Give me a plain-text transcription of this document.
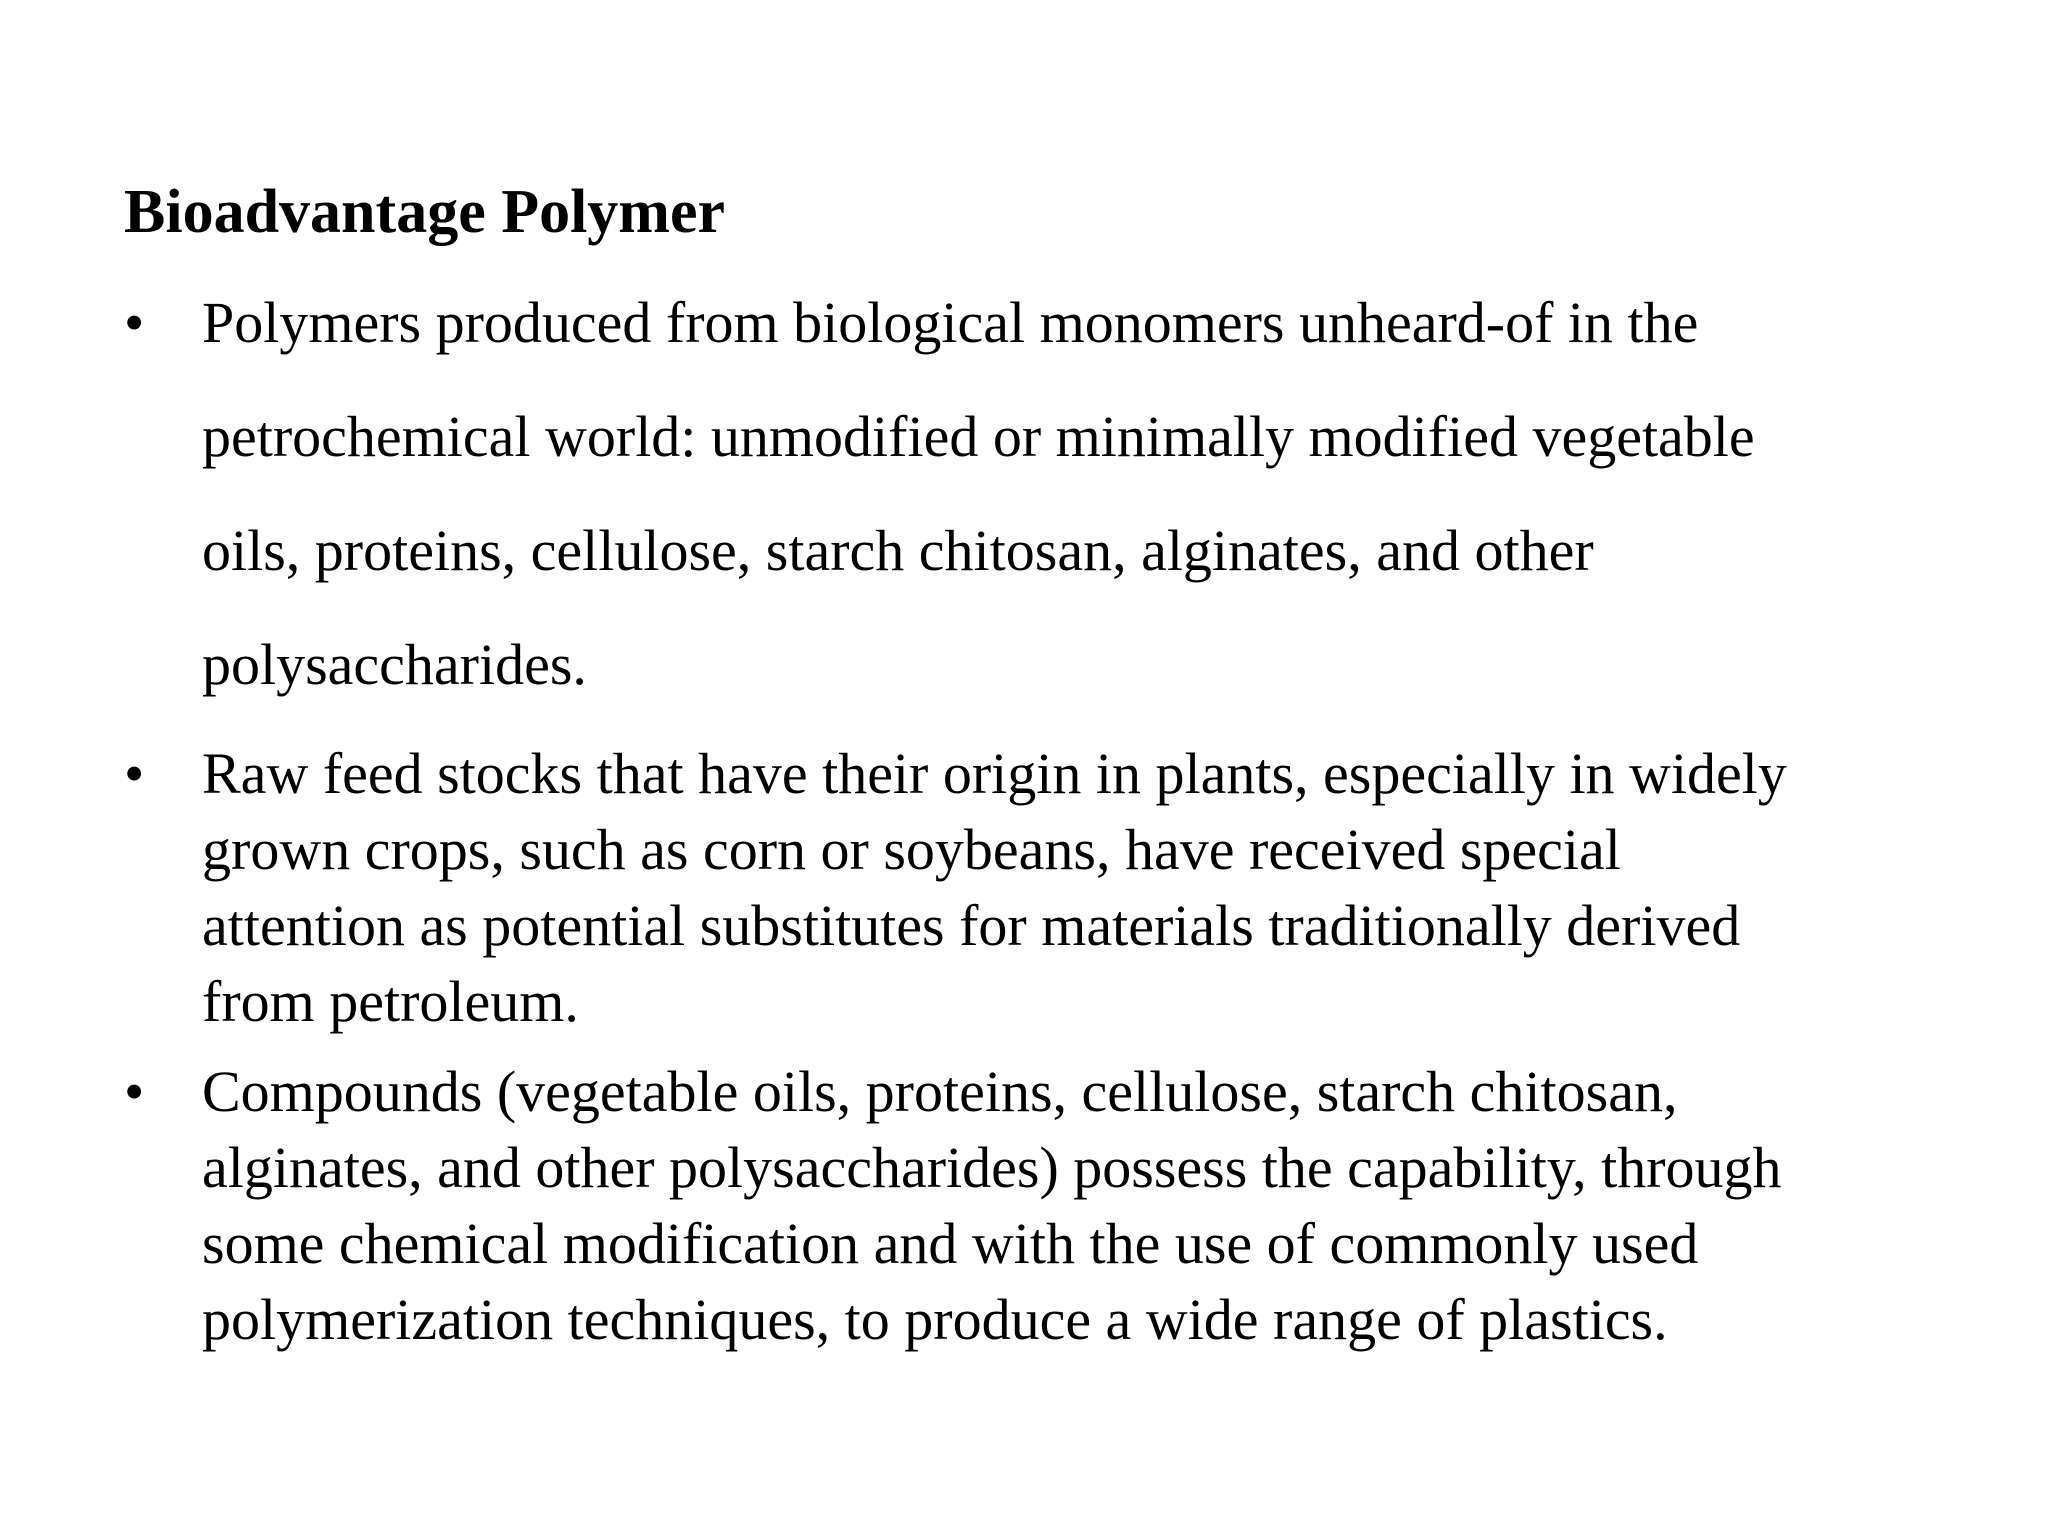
Bioadvantage Polymer
• Polymers produced from biological monomers unheard-of in the
petrochemical world: unmodified or minimally modified vegetable
oils, proteins, cellulose, starch chitosan, alginates, and other
polysaccharides.

• Raw feed stocks that have their origin in plants, especially in widely
grown crops, such as corn or soybeans, have received special
attention as potential substitutes for materials traditionally derived
from petroleum.

• Compounds (vegetable oils, proteins, cellulose, starch chitosan,
alginates, and other polysaccharides) possess the capability, through
some chemical modification and with the use of commonly used
polymerization techniques, to produce a wide range of plastics.
